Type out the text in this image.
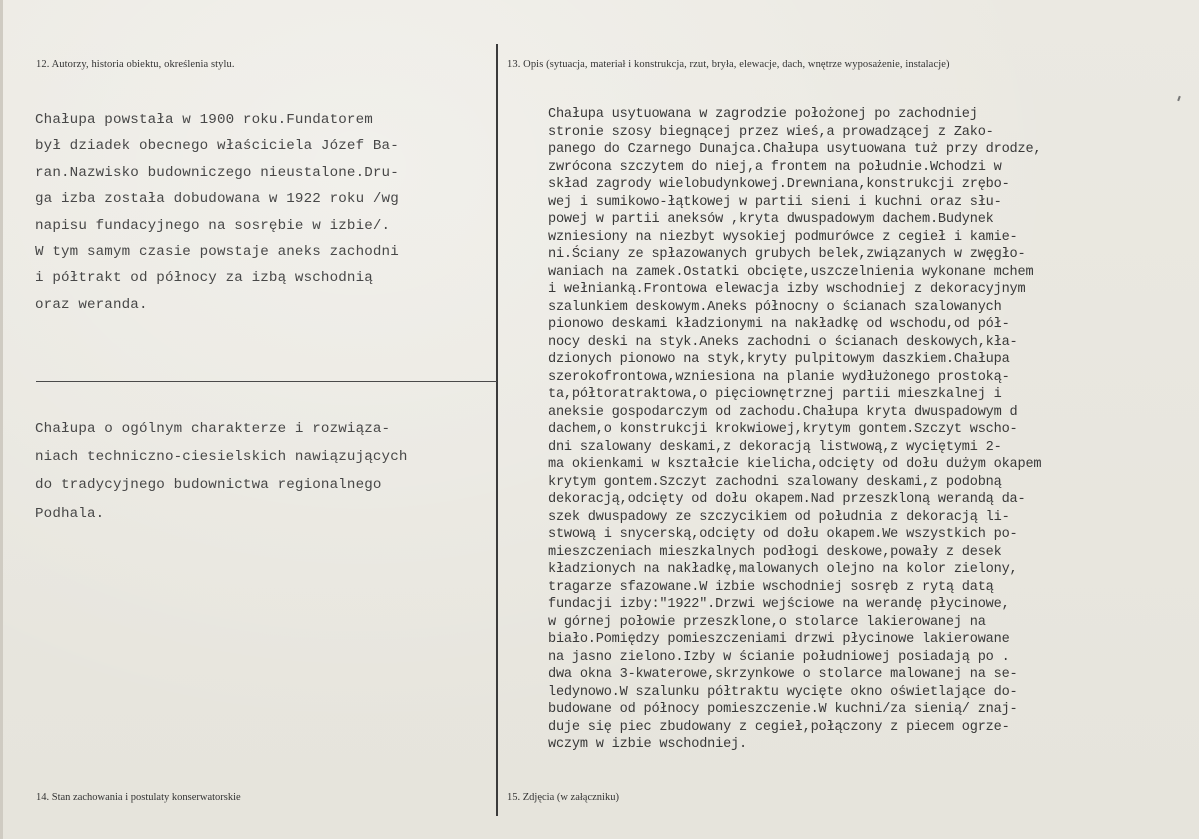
12. Autorzy, historia obiektu, określenia stylu.	13. Opis (sytuacja, materiał i konstrukcja, rzut, bryła, elewacje, dach, wnętrze wyposażenie, instalacje)
Chałupa powstała w 1900 roku.Fundatorem
był dziadek obecnego właściciela Józef Ba-
ran.Nazwisko budowniczego nieustalone.Dru-
ga izba została dobudowana w 1922 roku /wg
napisu fundacyjnego na sosrębie w izbie/.
W tym samym czasie powstaje aneks zachodni
i półtrakt od północy za izbą wschodnią
oraz weranda.
Chałupa o ogólnym charakterze i rozwiąza-
niach techniczno-ciesielskich nawiązujących
do tradycyjnego budownictwa regionalnego
Podhala.
Chałupa usytuowana w zagrodzie położonej po zachodniej
stronie szosy biegnącej przez wieś,a prowadzącej z Zako-
panego do Czarnego Dunajca.Chałupa usytuowana tuż przy drodze,
zwrócona szczytem do niej,a frontem na południe.Wchodzi w
skład zagrody wielobudynkowej.Drewniana,konstrukcji zrębo-
wej i sumikowo-łątkowej w partii sieni i kuchni oraz słu-
powej w partii aneksów ,kryta dwuspadowym dachem.Budynek
wzniesiony na niezbyt wysokiej podmurówce z cegieł i kamie-
ni.Ściany ze spłazowanych grubych belek,związanych w zwęgło-
waniach na zamek.Ostatki obcięte,uszczelnienia wykonane mchem
i wełnianką.Frontowa elewacja izby wschodniej z dekoracyjnym
szalunkiem deskowym.Aneks północny o ścianach szalowanych
pionowo deskami kładzionymi na nakładkę od wschodu,od pół-
nocy deski na styk.Aneks zachodni o ścianach deskowych,kła-
dzionych pionowo na styk,kryty pulpitowym daszkiem.Chałupa
szerokofrontowa,wzniesiona na planie wydłużonego prostoką-
ta,półtoratraktowa,o pięciownętrznej partii mieszkalnej i
aneksie gospodarczym od zachodu.Chałupa kryta dwuspadowym d
dachem,o konstrukcji krokwiowej,krytym gontem.Szczyt wscho-
dni szalowany deskami,z dekoracją listwową,z wyciętymi 2-
ma okienkami w kształcie kielicha,odcięty od dołu dużym okapem
krytym gontem.Szczyt zachodni szalowany deskami,z podobną
dekoracją,odcięty od dołu okapem.Nad przeszkloną werandą da-
szek dwuspadowy ze szczycikiem od południa z dekoracją li-
stwową i snycerską,odcięty od dołu okapem.We wszystkich po-
mieszczeniach mieszkalnych podłogi deskowe,powały z desek
kładzionych na nakładkę,malowanych olejno na kolor zielony,
tragarze sfazowane.W izbie wschodniej sosręb z rytą datą
fundacji izby:"1922".Drzwi wejściowe na werandę płycinowe,
w górnej połowie przeszklone,o stolarce lakierowanej na
biało.Pomiędzy pomieszczeniami drzwi płycinowe lakierowane
na jasno zielono.Izby w ścianie południowej posiadają po .
dwa okna 3-kwaterowe,skrzynkowe o stolarce malowanej na se-
ledynowo.W szalunku półtraktu wycięte okno oświetlające do-
budowane od północy pomieszczenie.W kuchni/za sienią/ znaj-
duje się piec zbudowany z cegieł,połączony z piecem ogrze-
wczym w izbie wschodniej.
14. Stan zachowania i postulaty konserwatorskie	15. Zdjęcia (w załączniku)
